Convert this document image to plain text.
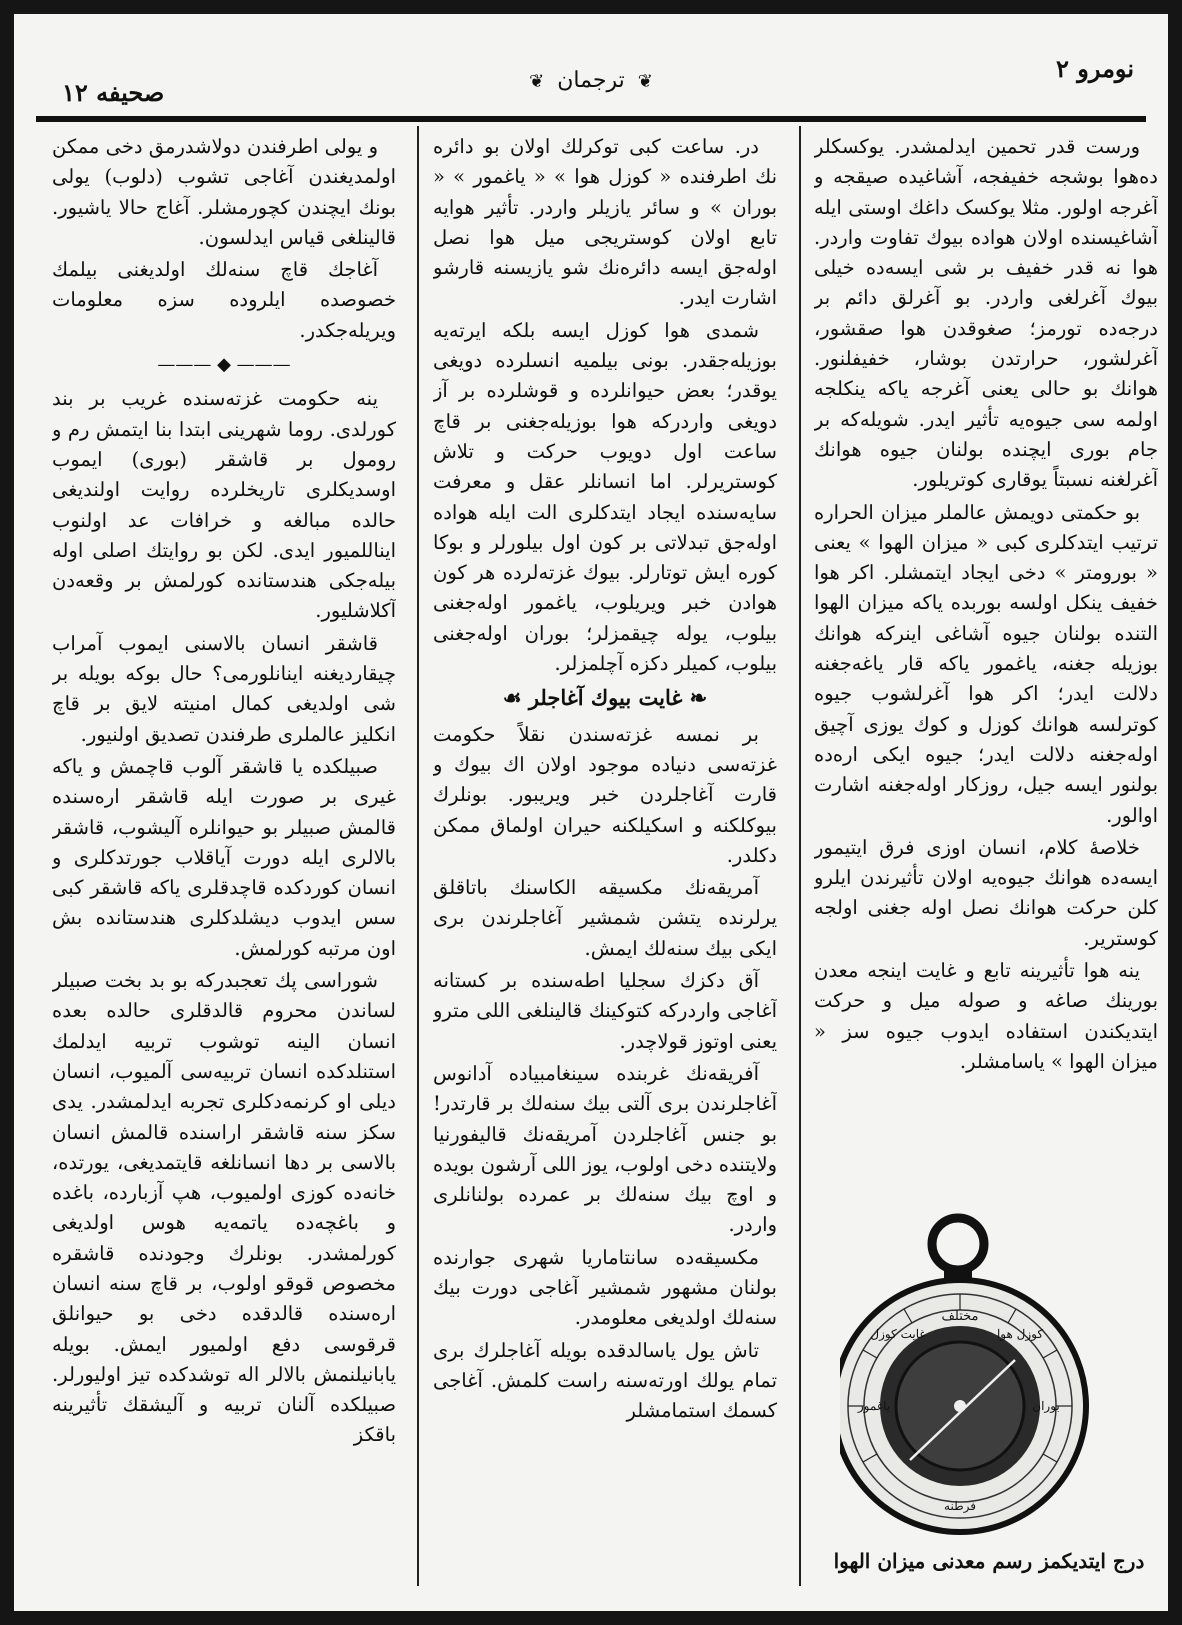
نومرو ٢
❦ ترجمان ❦
صحیفه ١٢

ورست قدر تحمین ایدلمشدر. یوکسکلر دەهوا بوشجه خفیفجه، آشاغیده صیقجه و آغرجه اولور. مثلا یوکسک داغك اوستی ایله آشاغیسنده اولان هواده بیوك تفاوت واردر. هوا نه قدر خفیف بر شی ایسەده خیلی بیوك آغرلغی واردر. بو آغرلق دائم بر درجەده تورمز؛ صغوقدن هوا صقشور، آغرلشور، حرارتدن بوشار، خفیفلنور. هوانك بو حالی یعنی آغرجه یاکه ینکلجه اولمه سی جیوه‌یه تأثیر ایدر. شویله‌که بر جام بوری ایچنده بولنان جیوه هوانك آغرلغنه نسبتاً یوقاری کوتریلور.

بو حکمتی دویمش عالملر میزان الحراره ترتیب ایتدکلری کبی « میزان الهوا » یعنی « بورومتر » دخی ایجاد ایتمشلر. اکر هوا خفیف ینکل اولسه بوربده یاکه میزان الهوا التنده بولنان جیوه آشاغی اینرکه هوانك بوزیله جغنه، یاغمور یاکه قار یاغه‌جغنه دلالت ایدر؛ اکر هوا آغرلشوب جیوه کوترلسه هوانك کوزل و کوك یوزی آچیق اوله‌جغنه دلالت ایدر؛ جیوه ایکی ارەده بولنور ایسه جیل، روزکار اوله‌جغنه اشارت اوالور.

خلاصهٔ کلام، انسان اوزی فرق ایتیمور ایسەده هوانك جیوه‌یه اولان تأثیرندن ایلرو کلن حرکت هوانك نصل اوله جغنی اولجه کوستریر.

ینه هوا تأثیرینه تابع و غایت اینجه معدن بورینك صاغه و صوله میل و حرکت ایتدیکندن استفاده ایدوب جیوه سز « میزان الهوا » یاسامشلر.

در. ساعت کبی توکرلك اولان بو دائره نك اطرفنده « کوزل هوا » « یاغمور » « بوران » و سائر یازیلر واردر. تأثیر هوایه تابع اولان کوستریجی میل هوا نصل اوله‌جق ایسه دائره‌نك شو یازیسنه قارشو اشارت ایدر.

شمدی هوا کوزل ایسه بلکه ایرته‌یه بوزیله‌جقدر. بونی بیلمیه انسلرده دویغی یوقدر؛ بعض حیوانلرده و قوشلرده بر آز دویغی واردرکه هوا بوزیله‌جغنی بر قاچ ساعت اول دویوب حرکت و تلاش کوستریرلر. اما انسانلر عقل و معرفت سایه‌سنده ایجاد ایتدکلری الت ایله هواده اوله‌جق تبدلاتی بر کون اول بیلورلر و بوکا کوره ایش توتارلر. بیوك غزته‌لرده هر کون هوادن خبر ویریلوب، یاغمور اوله‌جغنی بیلوب، یوله چیقمزلر؛ بوران اوله‌جغنی بیلوب، کمیلر دکزه آچلمزلر.

❧ غایت بیوك آغاجلر ☙

بر نمسه غزته‌سندن نقلاً حکومت غزته‌سی دنیاده موجود اولان اك بیوك و قارت آغاجلردن خبر ویریبور. بونلرك بیوکلکنه و اسکیلکنه حیران اولماق ممکن دکلدر.

آمریقه‌نك مکسیقه الکاسنك باتاقلق یرلرنده یتشن شمشیر آغاجلرندن بری ایکی بیك سنه‌لك ایمش.

آق دکزك سجلیا اطه‌سنده بر کستانه آغاجی واردرکه کتوکینك قالینلغی اللی مترو یعنی اوتوز قولاچدر.

آفریقه‌نك غربنده سینغامبیاده آدانوس آغاجلرندن بری آلتی بیك سنه‌لك بر قارتدر! بو جنس آغاجلردن آمریقه‌نك قالیفورنیا ولایتنده دخی اولوب، یوز اللی آرشون بویده و اوچ بیك سنه‌لك بر عمرده بولنانلری واردر.

مکسیقه‌ده سانتاماریا شهری جوارنده بولنان مشهور شمشیر آغاجی دورت بیك سنه‌لك اولدیغی معلومدر.

تاش یول یاسالدقده بویله آغاجلرك بری تمام یولك اورته‌سنه راست کلمش. آغاجی کسمك استمامشلر

و یولی اطرفندن دولاشدرمق دخی ممکن اولمدیغندن آغاجی تشوب (دلوب) یولی بونك ایچندن کچورمشلر. آغاج حالا یاشیور. قالینلغی قیاس ایدلسون.

آغاجك قاچ سنه‌لك اولدیغنی بیلمك خصوصده ایلروده سزه معلومات ویریله‌جکدر.

——— ◆ ———

ینه حکومت غزته‌سنده غریب بر بند کورلدی. روما شهرینی ابتدا بنا ایتمش رم و رومول بر قاشقر (بوری) ایموب اوسدیکلری تاریخلرده روایت اولندیغی حالده مبالغه و خرافات عد اولنوب ایناللمیور ایدی. لکن بو روایتك اصلی اوله بیله‌جکی هندستانده کورلمش بر وقعه‌دن آکلاشلیور.

قاشقر انسان بالاسنی ایموب آمراب چیقاردیغنه اینانلورمی؟ حال بوکه بویله بر شی اولدیغی کمال امنیته لایق بر قاچ انکلیز عالملری طرفندن تصدیق اولنیور.

صبیلکده یا قاشقر آلوب قاچمش و یاکه غیری بر صورت ایله قاشقر ارەسنده قالمش صبیلر بو حیوانلره آلیشوب، قاشقر بالالری ایله دورت آیاقلاب جورتدکلری و انسان کوردکده قاچدقلری یاکه قاشقر کبی سس ایدوب دیشلدکلری هندستانده بش اون مرتبه کورلمش.

شوراسی پك تعجبدرکه بو بد بخت صبیلر لساندن محروم قالدقلری حالده بعده انسان الینه توشوب تربیه ایدلمك استنلدکده انسان تربیه‌سی آلمیوب، انسان دیلی او کرنمه‌دکلری تجربه ایدلمشدر. یدی سکز سنه قاشقر اراسنده قالمش انسان بالاسی بر دها انسانلغه قایتمدیغی، یورتده، خانەده کوزی اولمیوب، هپ آزبارده، باغده و باغچه‌ده یاتمه‌یه هوس اولدیغی کورلمشدر. بونلرك وجودنده قاشقره مخصوص قوقو اولوب، بر قاچ سنه انسان ارەسنده قالدقده دخی بو حیوانلق قرقوسی دفع اولمیور ایمش. بویله یابانیلنمش بالالر اله توشدکده تیز اولیورلر. صبیلکده آلنان تربیه و آلیشقك تأثیرینه باقکز

مختلف
غایت کوزل	کوزل هوا
یاغمور	بوران
فرطنه
درج ایتدیکمز رسم معدنی میزان الهوا
